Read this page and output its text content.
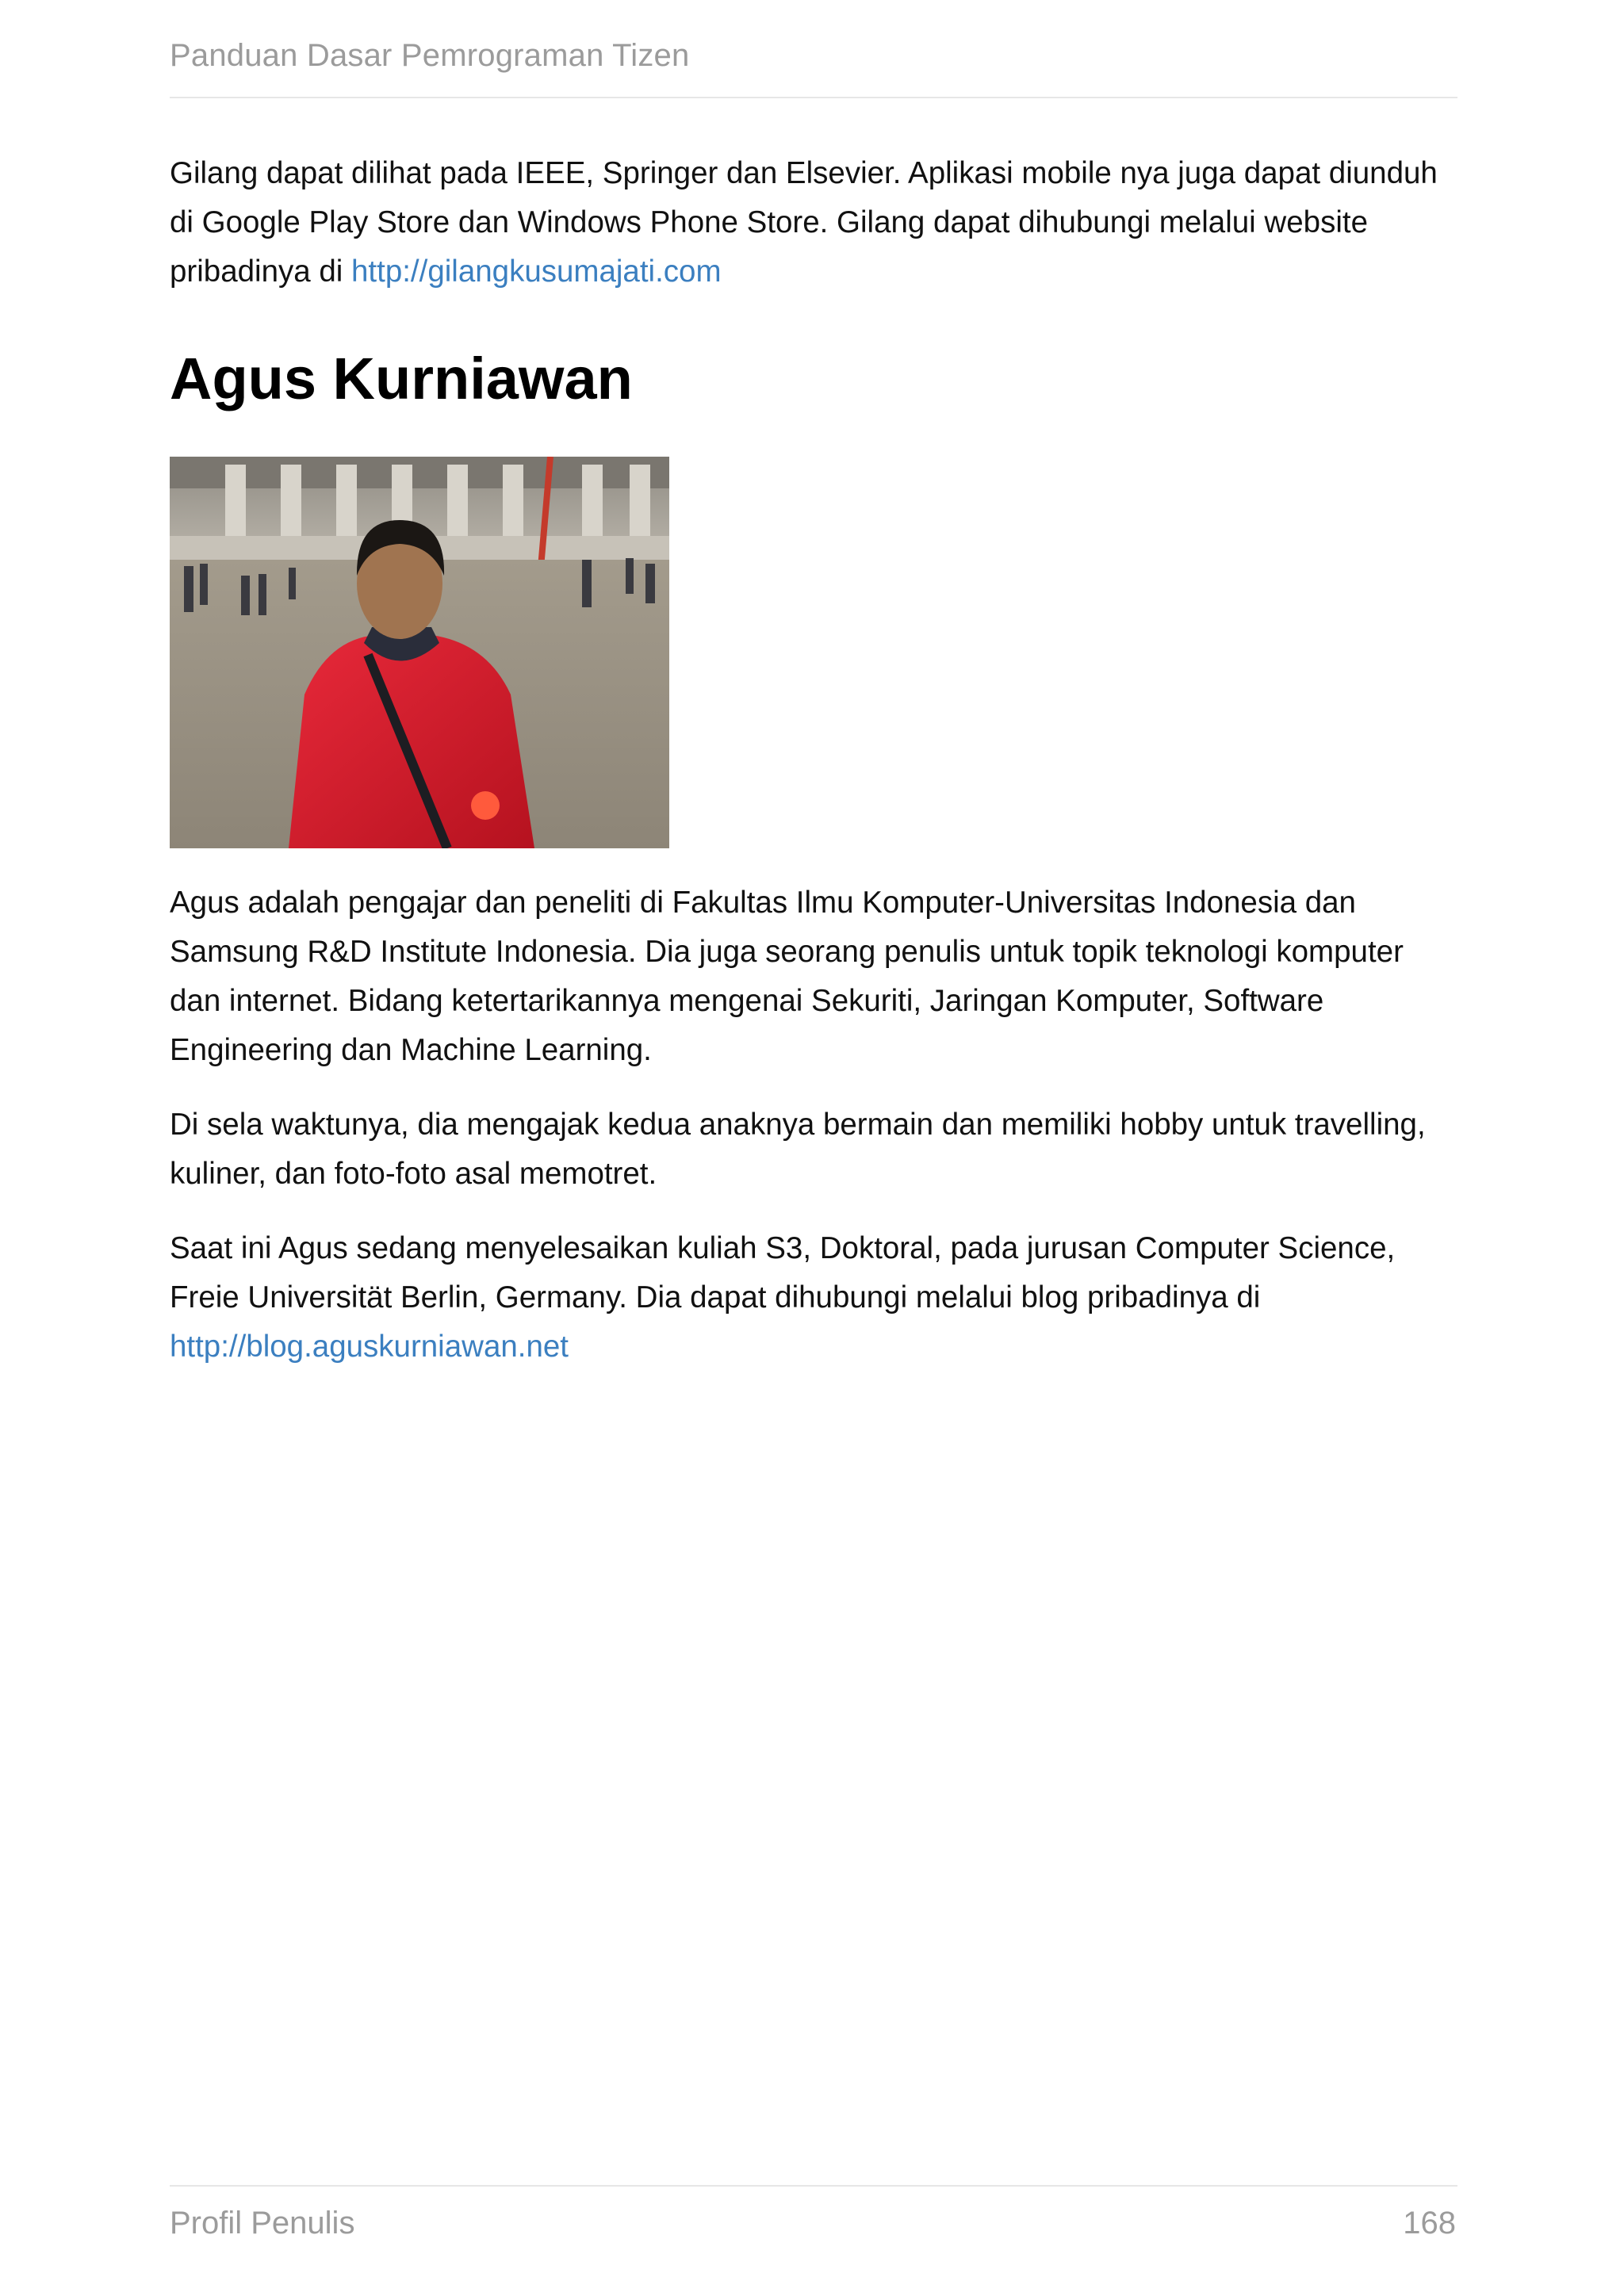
Panduan Dasar Pemrograman Tizen

Gilang dapat dilihat pada IEEE, Springer dan Elsevier. Aplikasi mobile nya juga dapat diunduh di Google Play Store dan Windows Phone Store. Gilang dapat dihubungi melalui website pribadinya di http://gilangkusumajati.com

Agus Kurniawan

Agus adalah pengajar dan peneliti di Fakultas Ilmu Komputer-Universitas Indonesia dan Samsung R&D Institute Indonesia. Dia juga seorang penulis untuk topik teknologi komputer dan internet. Bidang ketertarikannya mengenai Sekuriti, Jaringan Komputer, Software Engineering dan Machine Learning.

Di sela waktunya, dia mengajak kedua anaknya bermain dan memiliki hobby untuk travelling, kuliner, dan foto-foto asal memotret.

Saat ini Agus sedang menyelesaikan kuliah S3, Doktoral, pada jurusan Computer Science, Freie Universität Berlin, Germany. Dia dapat dihubungi melalui blog pribadinya di http://blog.aguskurniawan.net

Profil Penulis	168
